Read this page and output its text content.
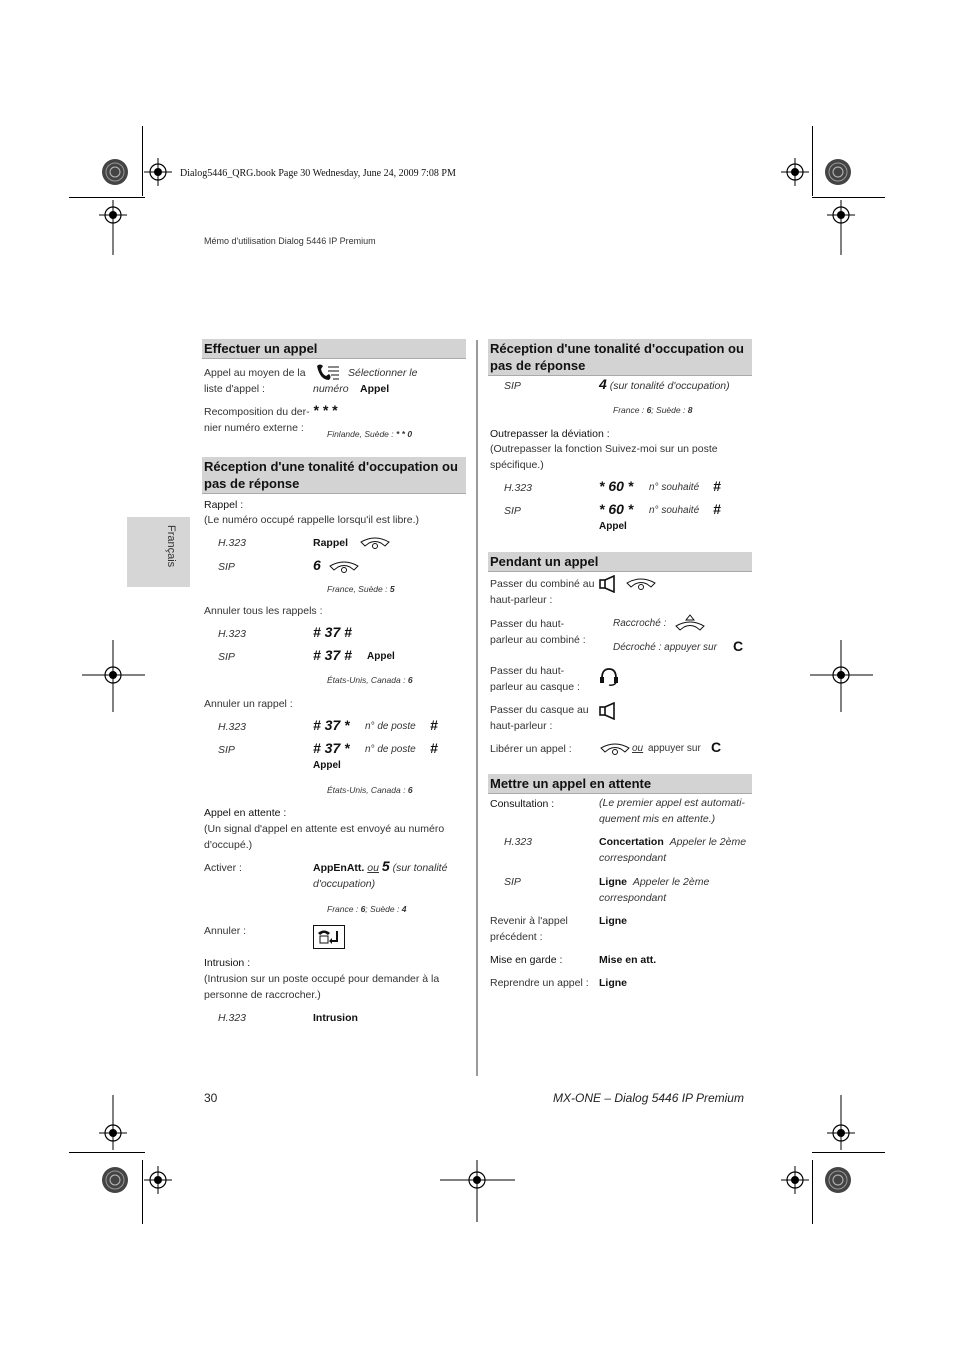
Dialog5446_QRG.book Page 30 Wednesday, June 24, 2009 7:08 PM
Mémo d'utilisation Dialog 5446 IP Premium
Français
Effectuer un appel
Appel au moyen de la liste d'appel :
Sélectionner le numéro	Appel
Recomposition du der-nier numéro externe :
* * *
Finlande, Suède : * * 0
Réception d'une tonalité d'occupation ou pas de réponse
Rappel :
(Le numéro occupé rappelle lorsqu'il est libre.)
H.323	Rappel
SIP	6
France, Suède : 5
Annuler tous les rappels :
H.323	# 37 #
SIP	# 37 # Appel
États-Unis, Canada : 6
Annuler un rappel :
H.323	# 37 * n° de poste #
SIP	# 37 * n° de poste #
Appel
États-Unis, Canada : 6
Appel en attente :
(Un signal d'appel en attente est envoyé au numéro d'occupé.)
Activer :	AppEnAtt. ou 5 (sur tonalité d'occupation)
France : 6; Suède : 4
Annuler :
Intrusion :
(Intrusion sur un poste occupé pour demander à la personne de raccrocher.)
H.323	Intrusion
Réception d'une tonalité d'occupation ou pas de réponse
SIP	4 (sur tonalité d'occupation)
France : 6; Suède : 8
Outrepasser la déviation :
(Outrepasser la fonction Suivez-moi sur un poste spécifique.)
H.323	* 60 * n° souhaité #
SIP	* 60 * n° souhaité #
Appel
Pendant un appel
Passer du combiné au haut-parleur :
Passer du haut-parleur au combiné :
Raccroché :
Décroché : appuyer sur C
Passer du haut-parleur au casque :
Passer du casque au haut-parleur :
Libérer un appel :	ou appuyer sur C
Mettre un appel en attente
Consultation :	(Le premier appel est automati-quement mis en attente.)
H.323	Concertation Appeler le 2ème correspondant
SIP	Ligne Appeler le 2ème correspondant
Revenir à l'appel précédent :
Ligne
Mise en garde :	Mise en att.
Reprendre un appel : Ligne
30	MX-ONE – Dialog 5446 IP Premium
